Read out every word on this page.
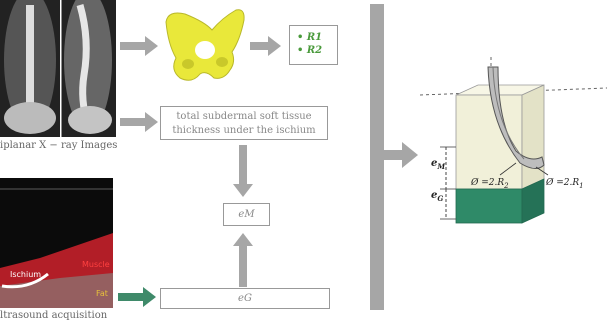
iplanar X − ray Images
Muscle
Ischium
Fat
ltrasound acquisition
• R1
• R2
total subdermal soft tissue
thickness under the ischium
eM
eG
$e_M$
$e_G$
Ø $=2.R_2$	Ø $=2.R_1$
